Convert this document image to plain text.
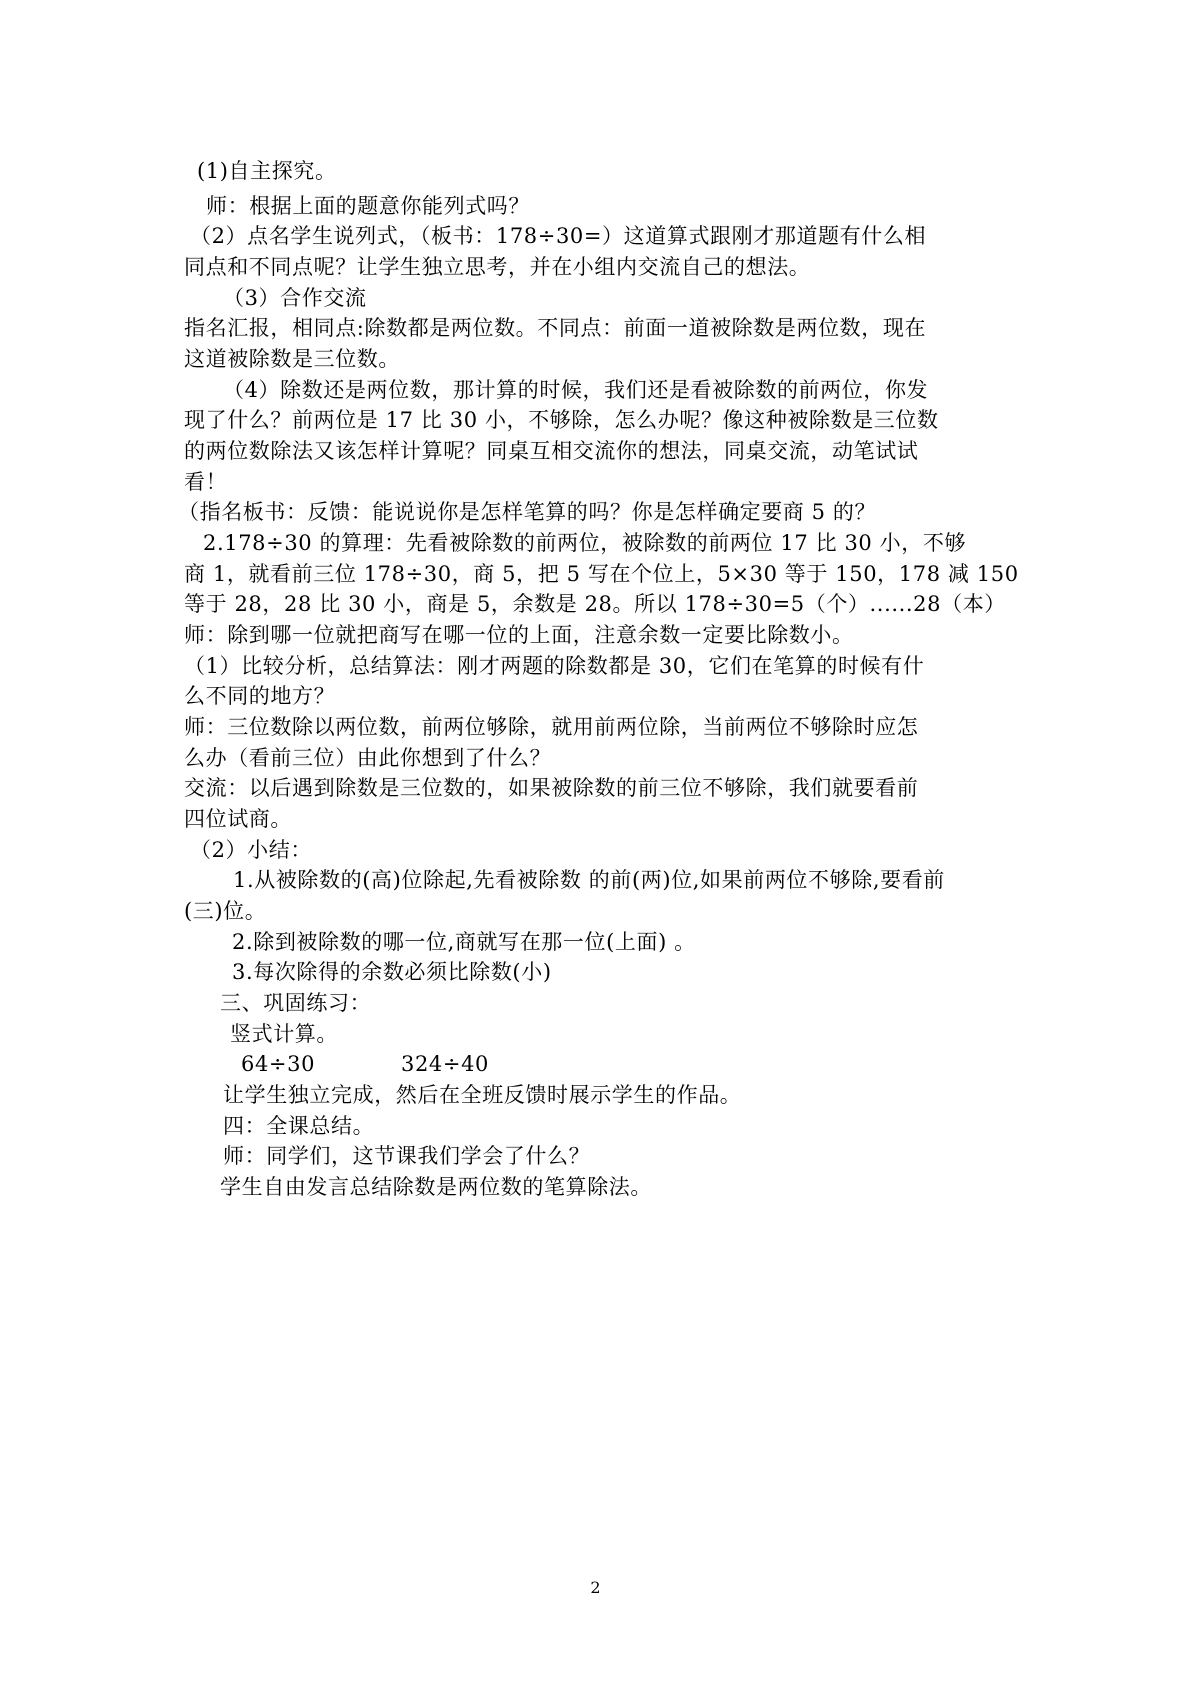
(1)自主探究。
师：根据上面的题意你能列式吗？
（2）点名学生说列式，（板书：178÷30=）这道算式跟刚才那道题有什么相
同点和不同点呢？让学生独立思考，并在小组内交流自己的想法。
（3）合作交流
指名汇报，相同点:除数都是两位数。不同点：前面一道被除数是两位数，现在
这道被除数是三位数。
（4）除数还是两位数，那计算的时候，我们还是看被除数的前两位，你发
现了什么？前两位是 17 比 30 小，不够除，怎么办呢？像这种被除数是三位数
的两位数除法又该怎样计算呢？同桌互相交流你的想法，同桌交流，动笔试试
看！
（指名板书：反馈：能说说你是怎样笔算的吗？你是怎样确定要商 5 的？
2.178÷30 的算理：先看被除数的前两位，被除数的前两位 17 比 30 小，不够
商 1，就看前三位 178÷30，商 5，把 5 写在个位上，5×30 等于 150，178 减 150
等于 28，28 比 30 小，商是 5，余数是 28。所以 178÷30=5（个）......28（本）
师：除到哪一位就把商写在哪一位的上面，注意余数一定要比除数小。
（1）比较分析，总结算法：刚才两题的除数都是 30，它们在笔算的时候有什
么不同的地方？
师：三位数除以两位数，前两位够除，就用前两位除，当前两位不够除时应怎
么办（看前三位）由此你想到了什么？
交流：以后遇到除数是三位数的，如果被除数的前三位不够除，我们就要看前
四位试商。
（2）小结：
1.从被除数的(高)位除起,先看被除数 的前(两)位,如果前两位不够除,要看前
(三)位。
2.除到被除数的哪一位,商就写在那一位(上面) 。
3.每次除得的余数必须比除数(小)
三、巩固练习：
竖式计算。
64÷30	324÷40
让学生独立完成，然后在全班反馈时展示学生的作品。
四：全课总结。
师：同学们，这节课我们学会了什么？
学生自由发言总结除数是两位数的笔算除法。
2
